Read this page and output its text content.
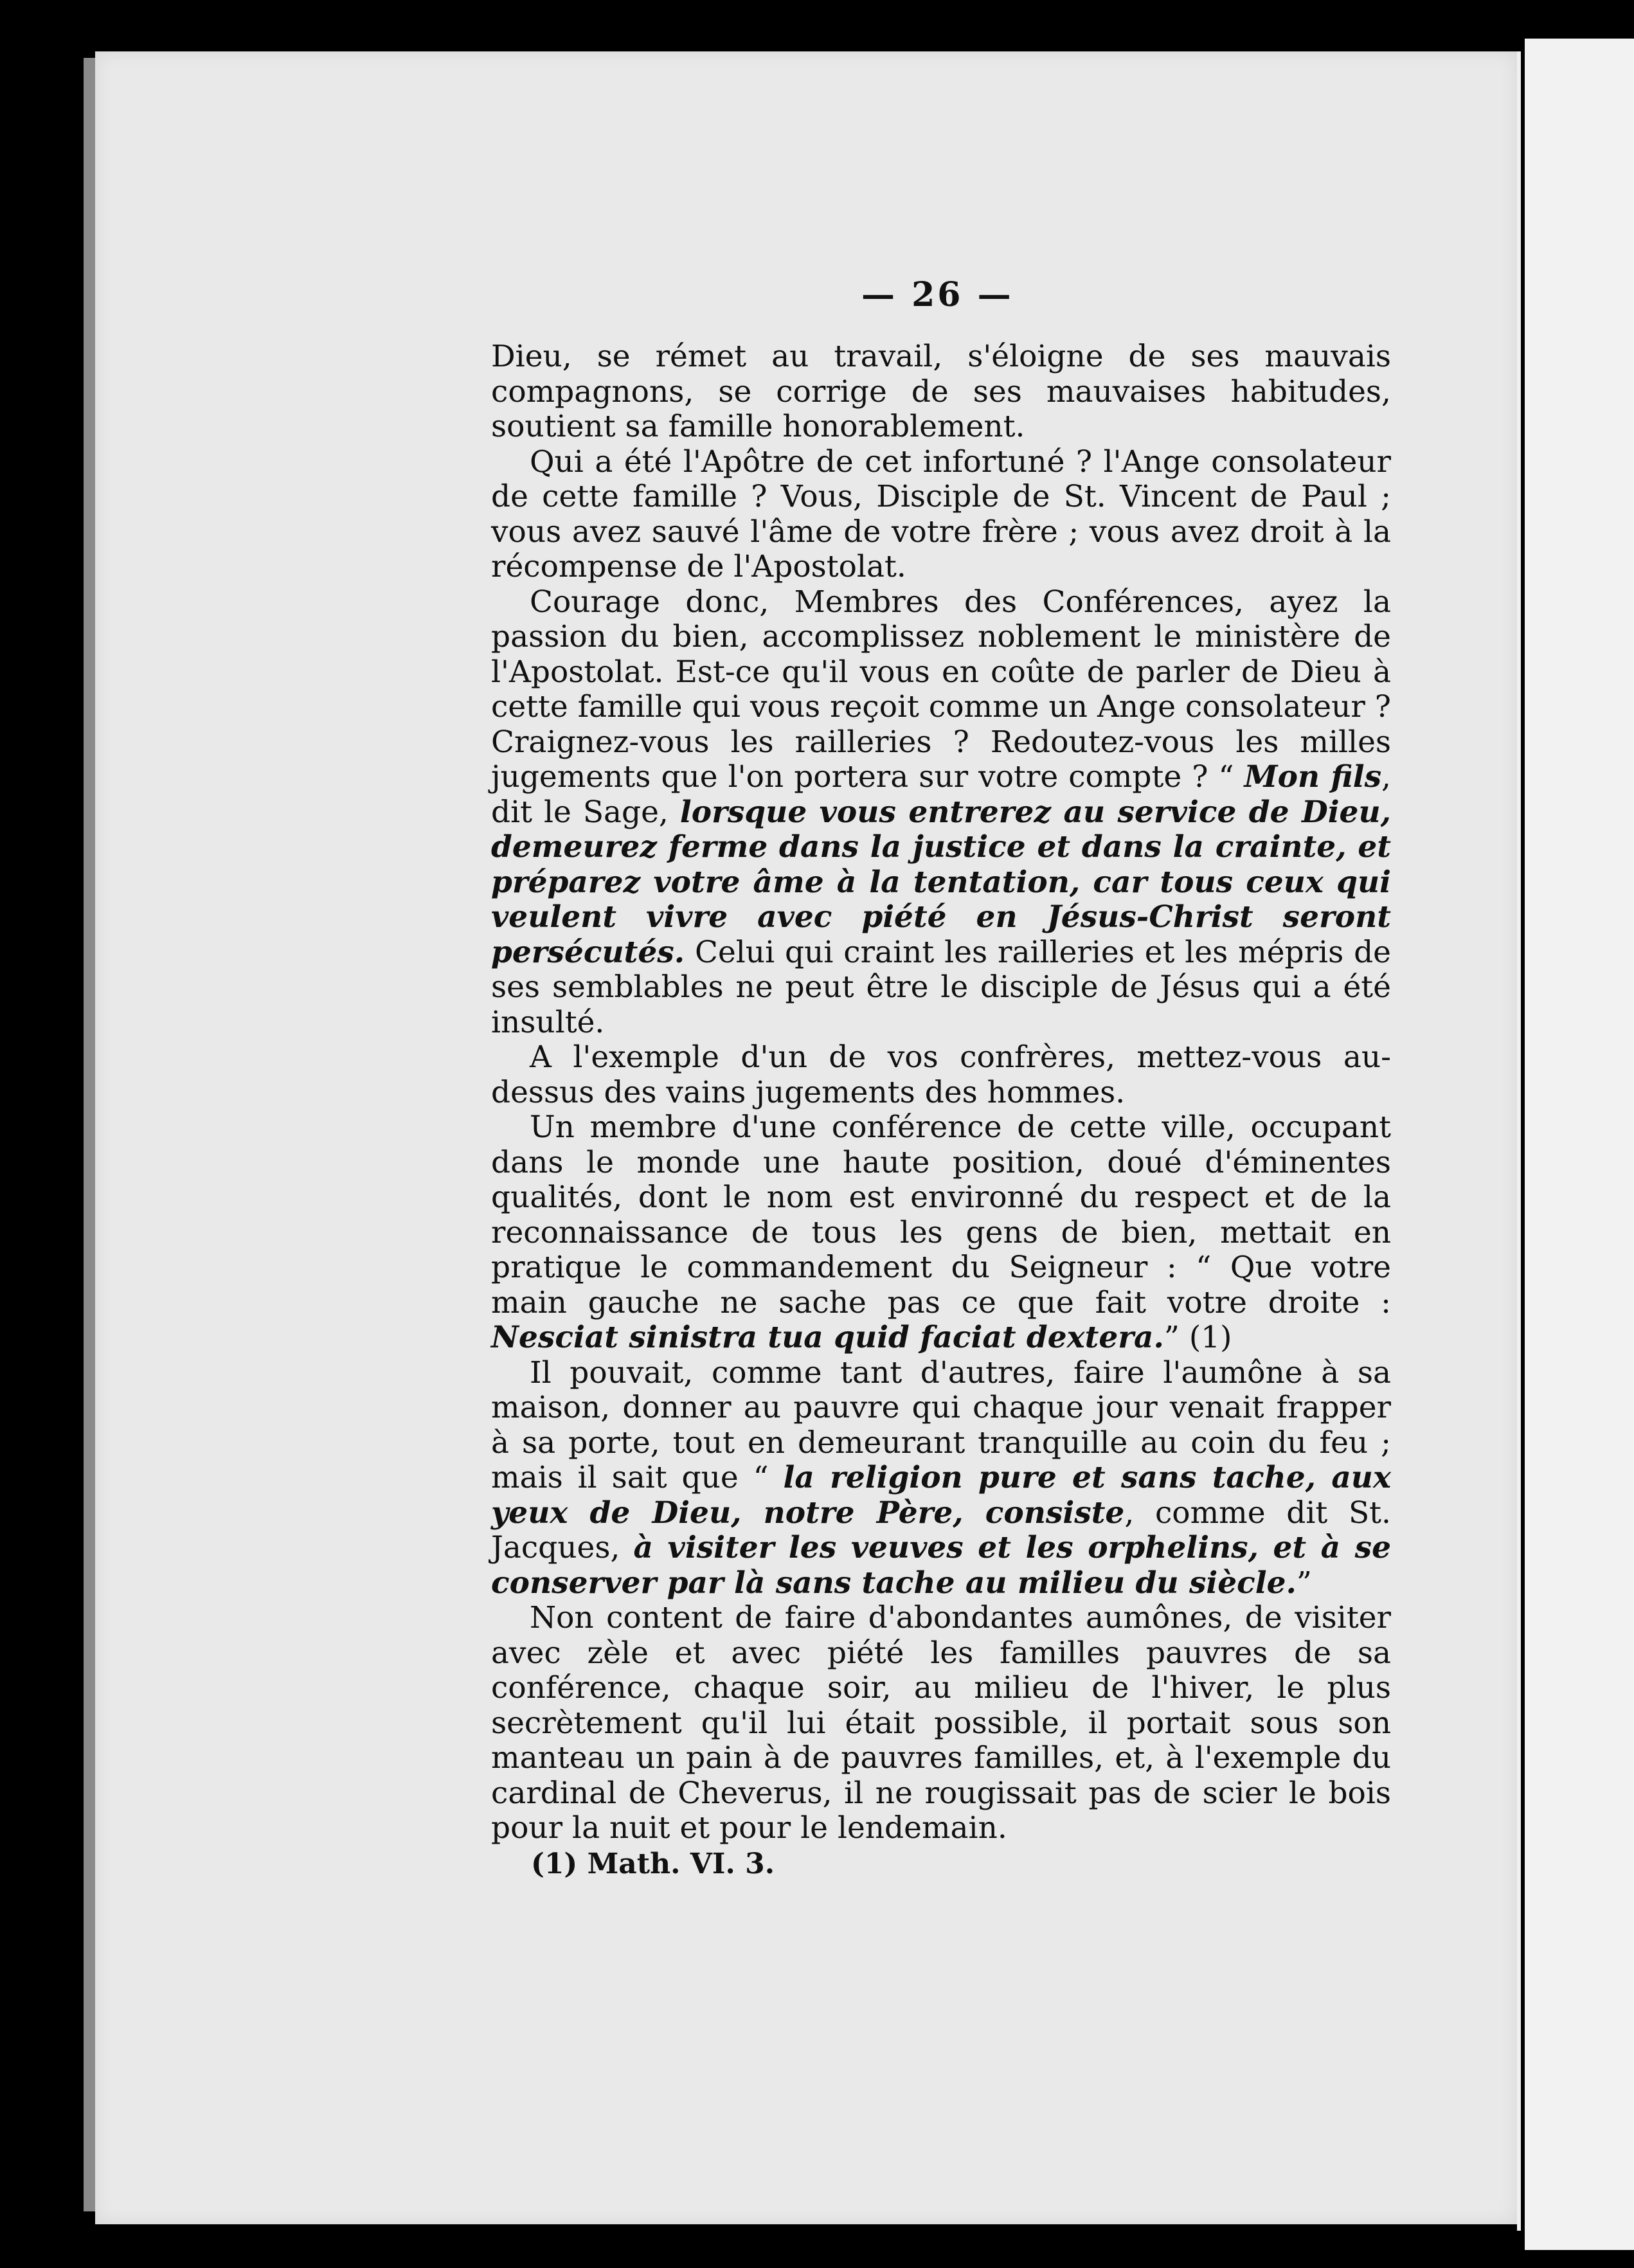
— 26 —

Dieu, se rémet au travail, s'éloigne de ses mauvais compagnons, se corrige de ses mauvaises habitudes, soutient sa famille honorablement.

Qui a été l'Apôtre de cet infortuné ? l'Ange consolateur de cette famille ? Vous, Disciple de St. Vincent de Paul ; vous avez sauvé l'âme de votre frère ; vous avez droit à la récompense de l'Apostolat.

Courage donc, Membres des Conférences, ayez la passion du bien, accomplissez noblement le ministère de l'Apostolat. Est-ce qu'il vous en coûte de parler de Dieu à cette famille qui vous reçoit comme un Ange consolateur ? Craignez-vous les railleries ? Redoutez-vous les milles jugements que l'on portera sur votre compte ? “ Mon fils, dit le Sage, lorsque vous entrerez au service de Dieu, demeurez ferme dans la justice et dans la crainte, et préparez votre âme à la tentation, car tous ceux qui veulent vivre avec piété en Jésus-Christ seront persécutés. Celui qui craint les railleries et les mépris de ses semblables ne peut être le disciple de Jésus qui a été insulté.

A l'exemple d'un de vos confrères, mettez-vous au-dessus des vains jugements des hommes.

Un membre d'une conférence de cette ville, occupant dans le monde une haute position, doué d'éminentes qualités, dont le nom est environné du respect et de la reconnaissance de tous les gens de bien, mettait en pratique le commandement du Seigneur : “ Que votre main gauche ne sache pas ce que fait votre droite : Nesciat sinistra tua quid faciat dextera.” (1)

Il pouvait, comme tant d'autres, faire l'aumône à sa maison, donner au pauvre qui chaque jour venait frapper à sa porte, tout en demeurant tranquille au coin du feu ; mais il sait que “ la religion pure et sans tache, aux yeux de Dieu, notre Père, consiste, comme dit St. Jacques, à visiter les veuves et les orphelins, et à se conserver par là sans tache au milieu du siècle.”

Non content de faire d'abondantes aumônes, de visiter avec zèle et avec piété les familles pauvres de sa conférence, chaque soir, au milieu de l'hiver, le plus secrètement qu'il lui était possible, il portait sous son manteau un pain à de pauvres familles, et, à l'exemple du cardinal de Cheverus, il ne rougissait pas de scier le bois pour la nuit et pour le lendemain.

(1) Math. VI. 3.
